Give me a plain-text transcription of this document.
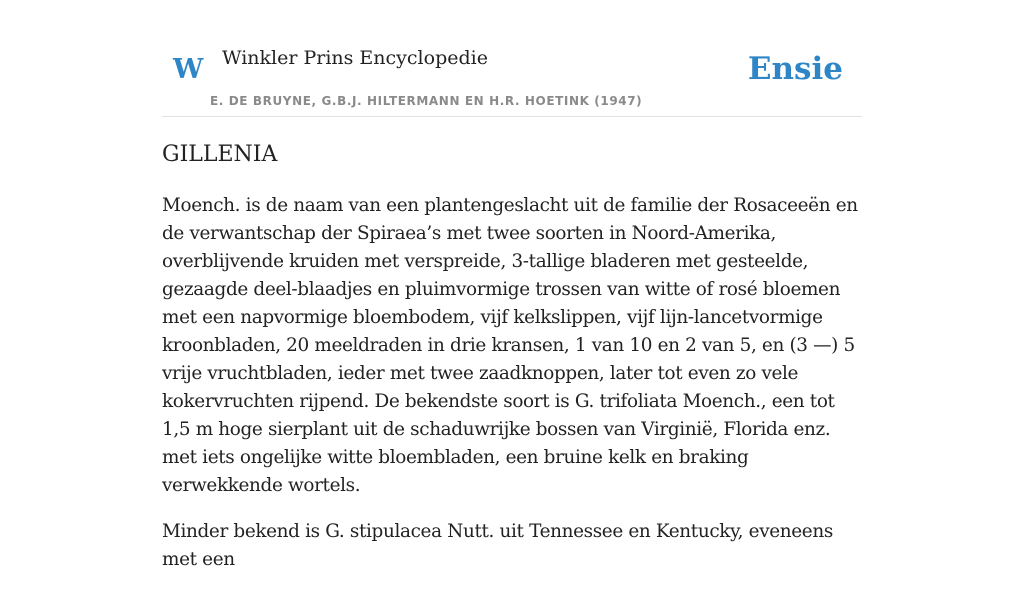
W Winkler Prins Encyclopedie
E. DE BRUYNE, G.B.J. HILTERMANN EN H.R. HOETINK (1947)
Ensie
GILLENIA

Moench. is de naam van een plantengeslacht uit de familie der Rosaceeën en de verwantschap der Spiraea’s met twee soorten in Noord-Amerika, overblijvende kruiden met verspreide, 3-tallige bladeren met gesteelde, gezaagde deel-blaadjes en pluimvormige trossen van witte of rosé bloemen met een napvormige bloembodem, vijf kelkslippen, vijf lijn-lancetvormige kroonbladen, 20 meeldraden in drie kransen, 1 van 10 en 2 van 5, en (3 —) 5 vrije vruchtbladen, ieder met twee zaadknoppen, later tot even zo vele kokervruchten rijpend. De bekendste soort is G. trifoliata Moench., een tot 1,5 m hoge sierplant uit de schaduwrijke bossen van Virginië, Florida enz. met iets ongelijke witte bloembladen, een bruine kelk en braking verwekkende wortels.

Minder bekend is G. stipulacea Nutt. uit Tennessee en Kentucky, eveneens met een
